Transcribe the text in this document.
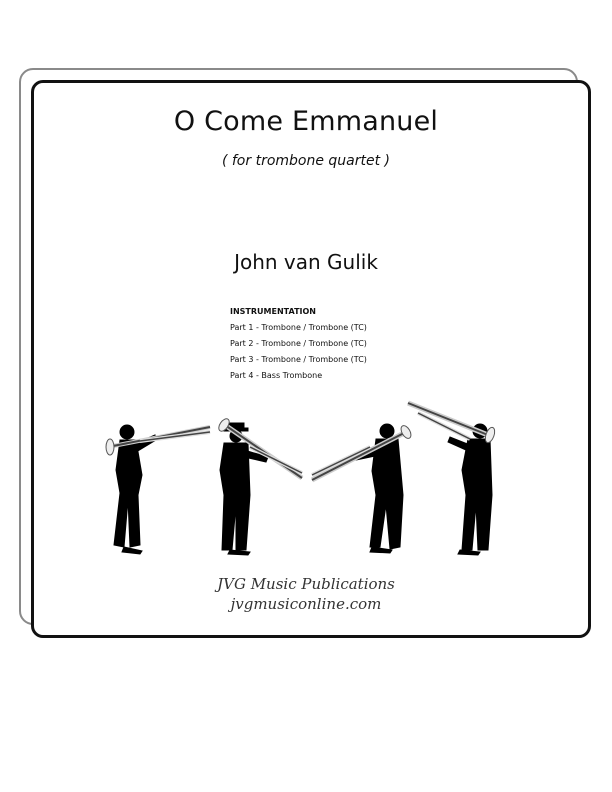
O Come Emmanuel
( for trombone quartet )
John van Gulik
INSTRUMENTATION
Part 1 - Trombone / Trombone (TC)
Part 2 - Trombone / Trombone (TC)
Part 3 - Trombone / Trombone (TC)
Part 4 - Bass Trombone
JVG Music Publications
jvgmusiconline.com
